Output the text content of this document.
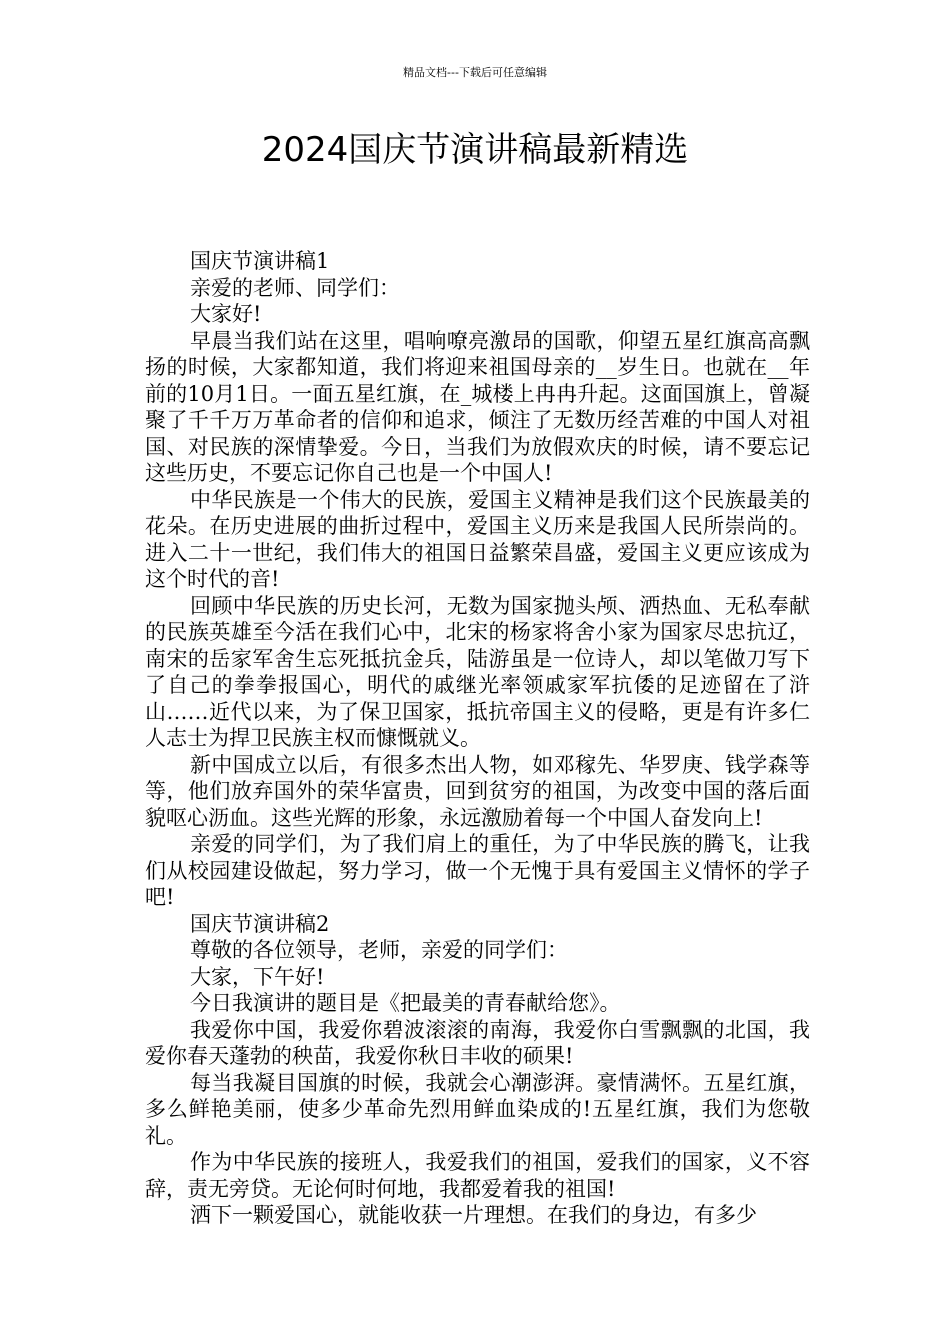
精品文档---下载后可任意编辑
2024国庆节演讲稿最新精选

国庆节演讲稿1

亲爱的老师、同学们：

大家好!

早晨当我们站在这里，唱响嘹亮激昂的国歌，仰望五星红旗高高飘扬的时候，大家都知道，我们将迎来祖国母亲的__岁生日。也就在__年前的10月1日。一面五星红旗，在_城楼上冉冉升起。这面国旗上，曾凝聚了千千万万革命者的信仰和追求，倾注了无数历经苦难的中国人对祖国、对民族的深情挚爱。今日，当我们为放假欢庆的时候，请不要忘记这些历史，不要忘记你自己也是一个中国人!

中华民族是一个伟大的民族，爱国主义精神是我们这个民族最美的花朵。在历史进展的曲折过程中，爱国主义历来是我国人民所崇尚的。进入二十一世纪，我们伟大的祖国日益繁荣昌盛，爱国主义更应该成为这个时代的音!

回顾中华民族的历史长河，无数为国家抛头颅、洒热血、无私奉献的民族英雄至今活在我们心中，北宋的杨家将舍小家为国家尽忠抗辽，南宋的岳家军舍生忘死抵抗金兵，陆游虽是一位诗人，却以笔做刀写下了自己的拳拳报国心，明代的戚继光率领戚家军抗倭的足迹留在了浒山……近代以来，为了保卫国家，抵抗帝国主义的侵略，更是有许多仁人志士为捍卫民族主权而慷慨就义。

新中国成立以后，有很多杰出人物，如邓稼先、华罗庚、钱学森等等，他们放弃国外的荣华富贵，回到贫穷的祖国，为改变中国的落后面貌呕心沥血。这些光辉的形象，永远激励着每一个中国人奋发向上!

亲爱的同学们，为了我们肩上的重任，为了中华民族的腾飞，让我们从校园建设做起，努力学习，做一个无愧于具有爱国主义情怀的学子吧!

国庆节演讲稿2

尊敬的各位领导，老师，亲爱的同学们：

大家，下午好!

今日我演讲的题目是《把最美的青春献给您》。

我爱你中国，我爱你碧波滚滚的南海，我爱你白雪飘飘的北国，我爱你春天蓬勃的秧苗，我爱你秋日丰收的硕果!

每当我凝目国旗的时候，我就会心潮澎湃。豪情满怀。五星红旗，多么鲜艳美丽，使多少革命先烈用鲜血染成的!五星红旗，我们为您敬礼。

作为中华民族的接班人，我爱我们的祖国，爱我们的国家，义不容辞，责无旁贷。无论何时何地，我都爱着我的祖国!

洒下一颗爱国心，就能收获一片理想。在我们的身边，有多少
